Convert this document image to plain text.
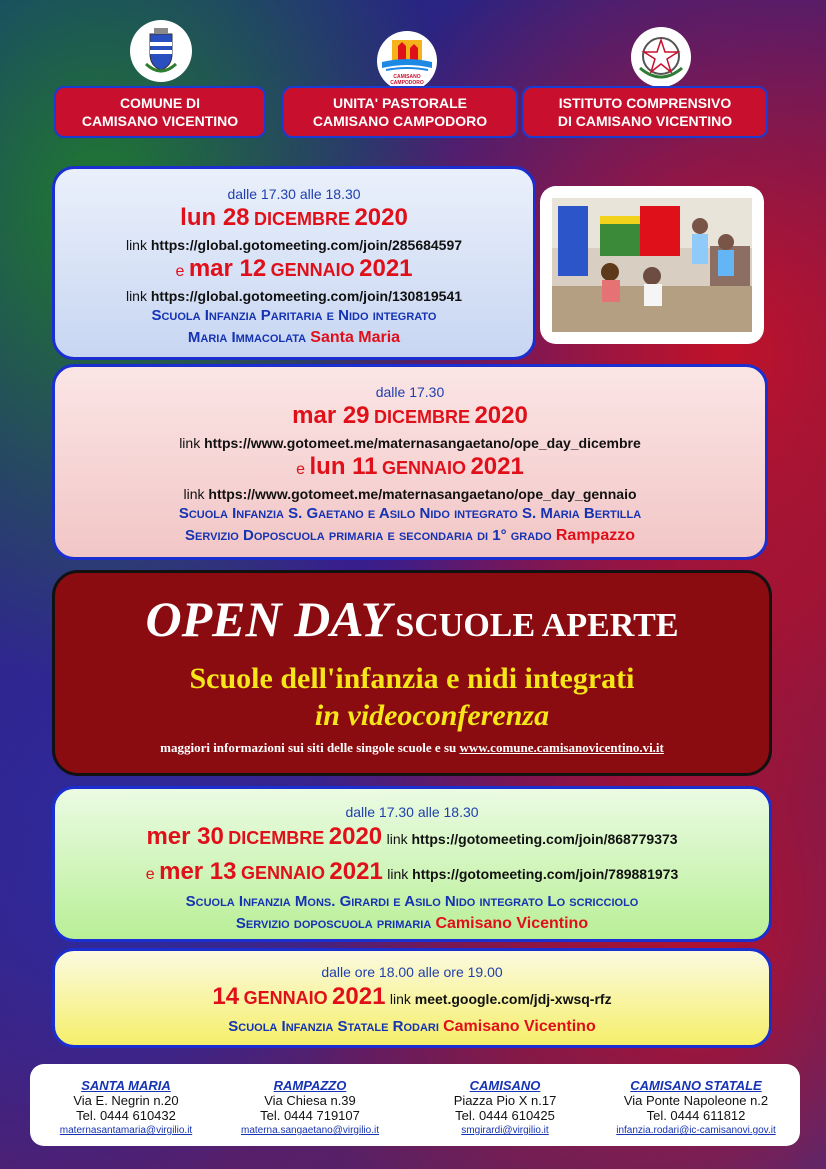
CAMISANO CAMPODORO
COMUNE DI
CAMISANO VICENTINO
UNITA' PASTORALE
CAMISANO CAMPODORO
ISTITUTO COMPRENSIVO
DI CAMISANO VICENTINO
dalle 17.30 alle 18.30
lun 28 DICEMBRE 2020
link https://global.gotomeeting.com/join/285684597
e mar 12 GENNAIO 2021
link https://global.gotomeeting.com/join/130819541
Scuola Infanzia Paritaria e Nido integrato
Maria Immacolata Santa Maria
dalle 17.30
mar 29 DICEMBRE 2020
link https://www.gotomeet.me/maternasangaetano/ope_day_dicembre
e lun 11 GENNAIO 2021
link https://www.gotomeet.me/maternasangaetano/ope_day_gennaio
Scuola Infanzia S. Gaetano e Asilo Nido integrato S. Maria Bertilla
Servizio Doposcuola primaria e secondaria di 1° grado Rampazzo
OPEN DAY SCUOLE APERTE
Scuole dell'infanzia e nidi integrati
in videoconferenza
maggiori informazioni sui siti delle singole scuole e su www.comune.camisanovicentino.vi.it
dalle 17.30 alle 18.30
mer 30 DICEMBRE 2020 link https://gotomeeting.com/join/868779373
e mer 13 GENNAIO 2021 link https://gotomeeting.com/join/789881973
Scuola Infanzia Mons. Girardi e Asilo Nido integrato Lo scricciolo
Servizio doposcuola primaria Camisano Vicentino
dalle ore 18.00 alle ore 19.00
14 GENNAIO 2021 link meet.google.com/jdj-xwsq-rfz
Scuola Infanzia Statale Rodari Camisano Vicentino
SANTA MARIA
Via E. Negrin n.20
Tel. 0444 610432
maternasantamaria@virgilio.it
RAMPAZZO
Via Chiesa n.39
Tel. 0444 719107
materna.sangaetano@virgilio.it
CAMISANO
Piazza Pio X n.17
Tel. 0444 610425
smgirardi@virgilio.it
CAMISANO STATALE
Via Ponte Napoleone n.2
Tel. 0444 611812
infanzia.rodari@ic-camisanovi.gov.it
